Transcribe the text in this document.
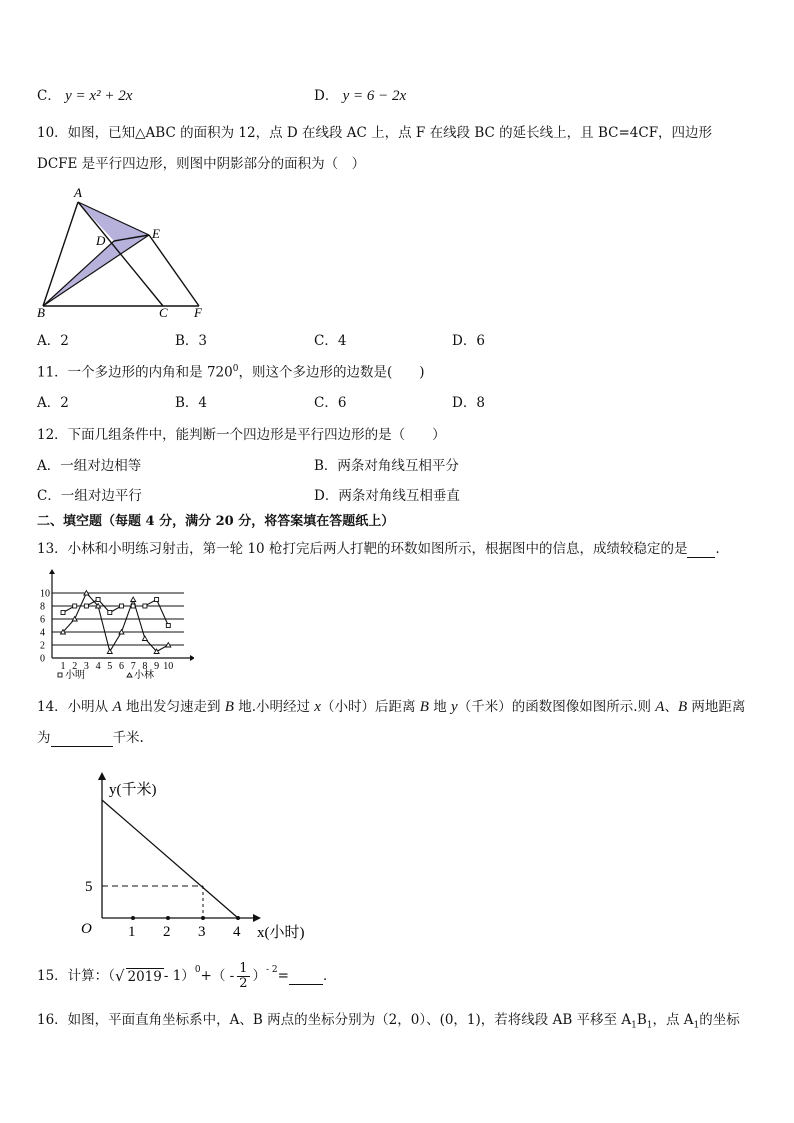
C． y = x² + 2x	D． y = 6 − 2x
10．如图，已知△ABC 的面积为 12，点 D 在线段 AC 上，点 F 在线段 BC 的延长线上，且 BC=4CF，四边形
DCFE 是平行四边形，则图中阴影部分的面积为（　）
A
D	E
B	C F
A．2	B．3	C．4	D．6
11．一个多边形的内角和是 $720^0$，则这个多边形的边数是(　　)
A．2	B．4	C．6	D．8
12．下面几组条件中，能判断一个四边形是平行四边形的是（　　）
A．一组对边相等	B．两条对角线互相平分
C．一组对边平行	D．两条对角线互相垂直
二、填空题（每题 4 分，满分 20 分，将答案填在答题纸上）
13．小林和小明练习射击，第一轮 10 枪打完后两人打靶的环数如图所示，根据图中的信息，成绩较稳定的是 ．
10
8
6
4
2
0
1 2 3 4 5 6 7 8 9 10
小明	小林
14．小明从 A 地出发匀速走到 B 地.小明经过 x（小时）后距离 B 地 y（千米）的函数图像如图所示.则 A、B 两地距离
为	千米.
y(千米)
x(小时)
O 1 2 3 4
5
15．计算：（ √ 2019 - 1）$^0$ +（ - $\frac{1}{2} )^{- 2}$ =
	．
16．如图，平面直角坐标系中，A、B 两点的坐标分别为（2，0）、(0，1)，若将线段 AB 平移至 $A_1B_1$，点 $A_1$的坐标
